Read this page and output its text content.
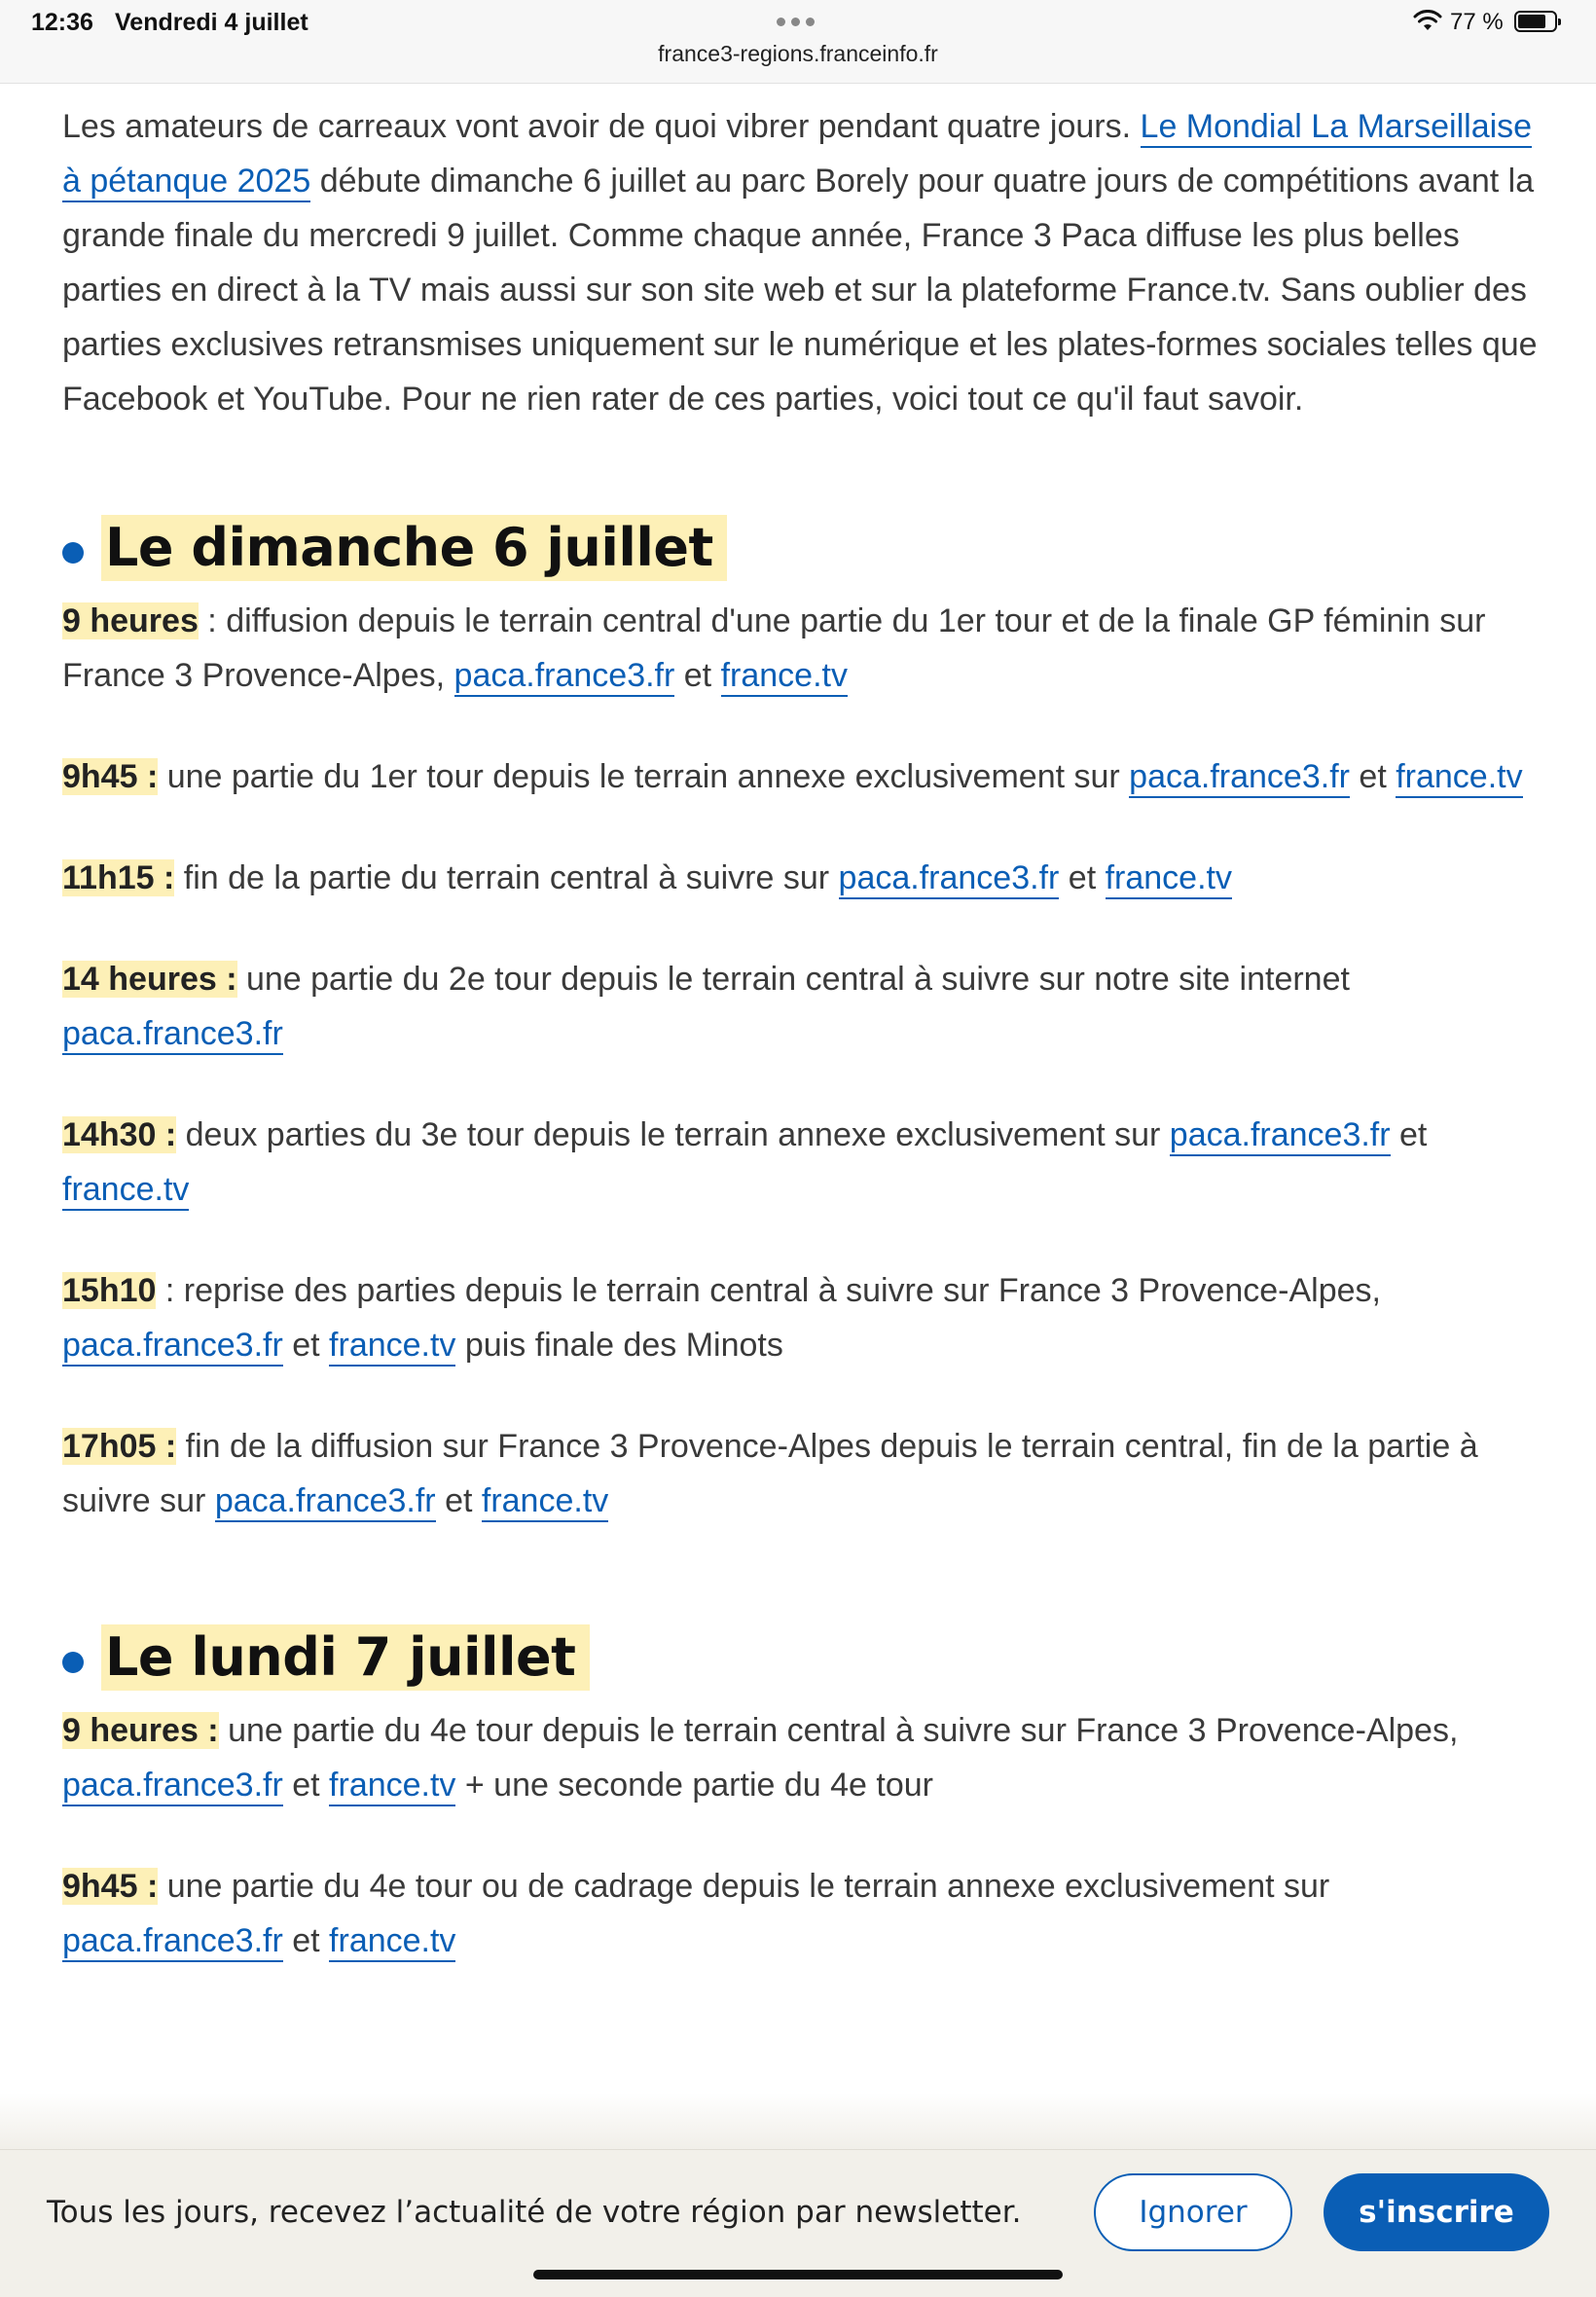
12:36 Vendredi 4 juillet
france3-regions.franceinfo.fr
77 %

Les amateurs de carreaux vont avoir de quoi vibrer pendant quatre jours. Le Mondial La Marseillaise à pétanque 2025 débute dimanche 6 juillet au parc Borely pour quatre jours de compétitions avant la grande finale du mercredi 9 juillet. Comme chaque année, France 3 Paca diffuse les plus belles parties en direct à la TV mais aussi sur son site web et sur la plateforme France.tv. Sans oublier des parties exclusives retransmises uniquement sur le numérique et les plates-formes sociales telles que Facebook et YouTube. Pour ne rien rater de ces parties, voici tout ce qu'il faut savoir.

Le dimanche 6 juillet

9 heures : diffusion depuis le terrain central d'une partie du 1er tour et de la finale GP féminin sur France 3 Provence-Alpes, paca.france3.fr et france.tv

9h45 : une partie du 1er tour depuis le terrain annexe exclusivement sur paca.france3.fr et france.tv

11h15 : fin de la partie du terrain central à suivre sur paca.france3.fr et france.tv

14 heures : une partie du 2e tour depuis le terrain central à suivre sur notre site internet paca.france3.fr

14h30 : deux parties du 3e tour depuis le terrain annexe exclusivement sur paca.france3.fr et france.tv

15h10 : reprise des parties depuis le terrain central à suivre sur France 3 Provence-Alpes, paca.france3.fr et france.tv puis finale des Minots

17h05 : fin de la diffusion sur France 3 Provence-Alpes depuis le terrain central, fin de la partie à suivre sur paca.france3.fr et france.tv

Le lundi 7 juillet

9 heures : une partie du 4e tour depuis le terrain central à suivre sur France 3 Provence-Alpes, paca.france3.fr et france.tv + une seconde partie du 4e tour

9h45 : une partie du 4e tour ou de cadrage depuis le terrain annexe exclusivement sur paca.france3.fr et france.tv

Tous les jours, recevez l’actualité de votre région par newsletter.	Ignorer	s'inscrire
